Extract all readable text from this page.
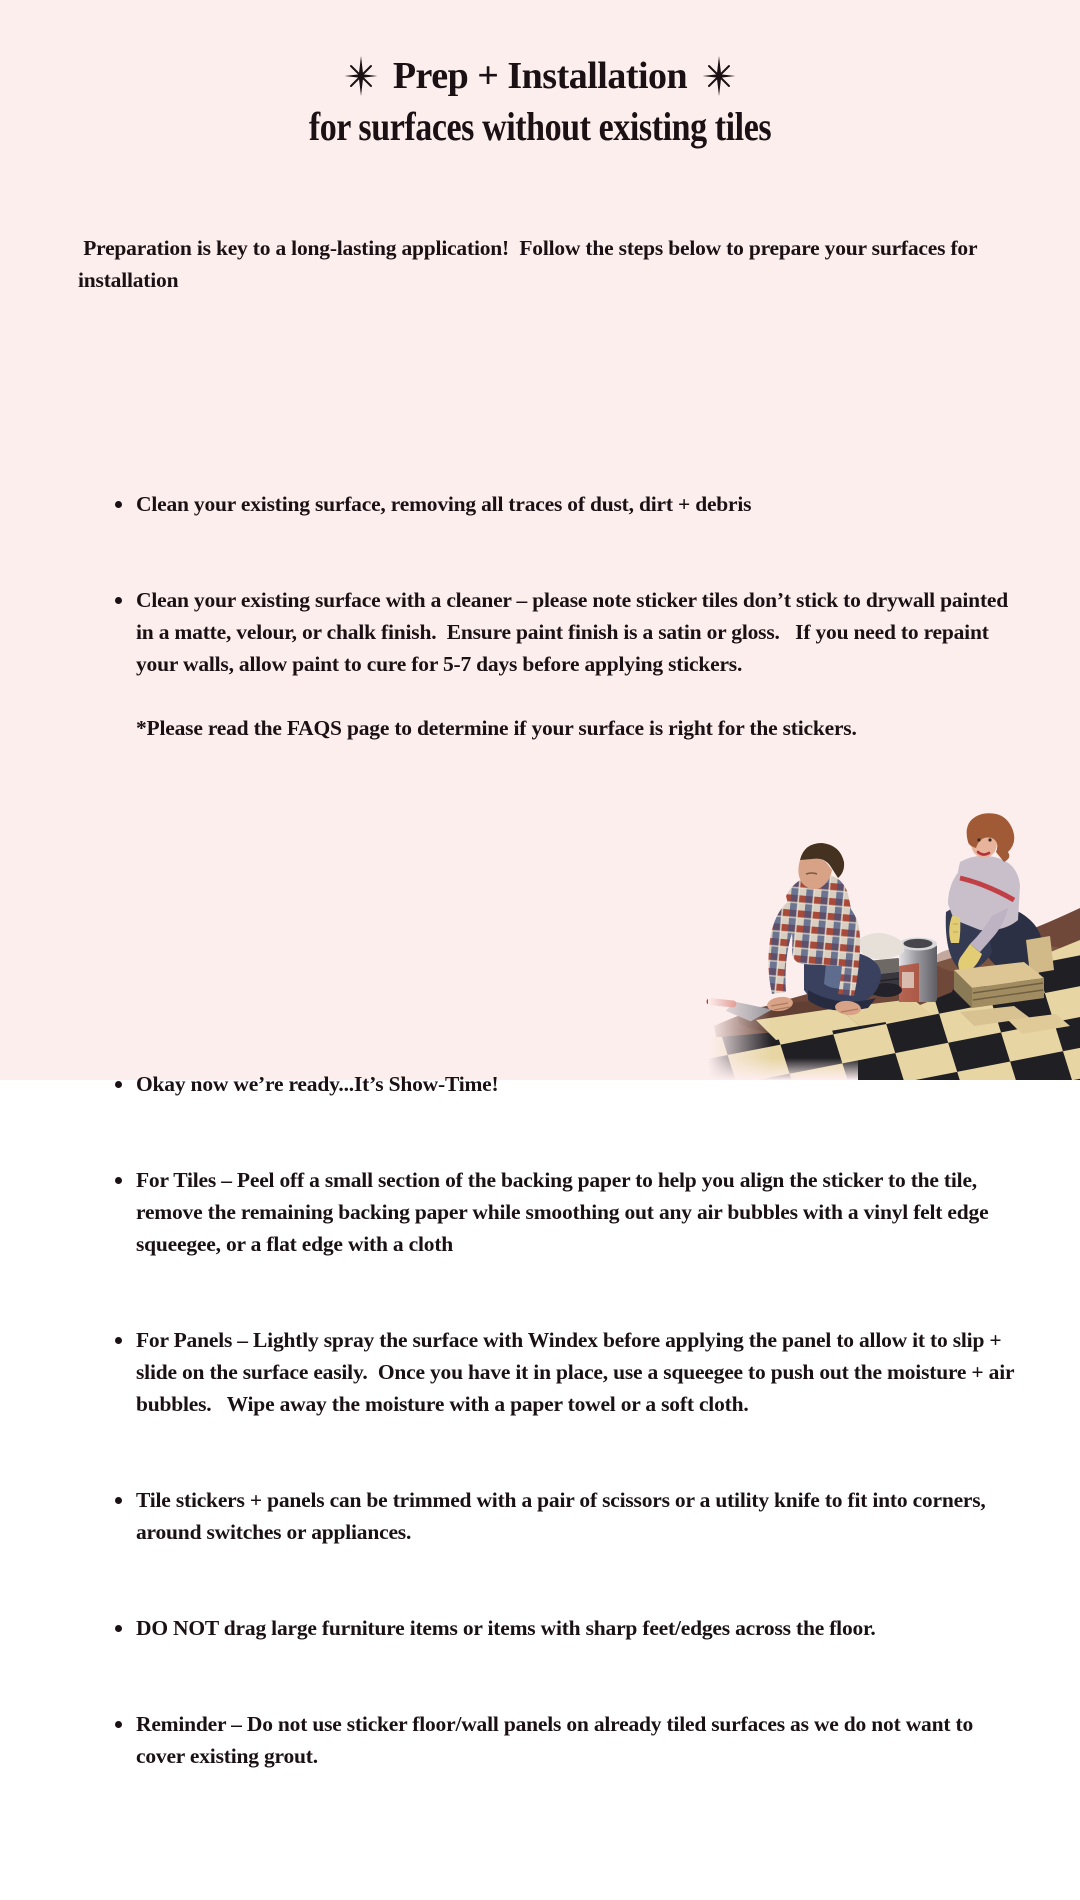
Prep + Installation
for surfaces without existing tiles

Preparation is key to a long-lasting application!  Follow the steps below to prepare your surfaces for installation

Clean your existing surface, removing all traces of dust, dirt + debris

Clean your existing surface with a cleaner – please note sticker tiles don’t stick to drywall painted in a matte, velour, or chalk finish.  Ensure paint finish is a satin or gloss.   If you need to repaint your walls, allow paint to cure for 5-7 days before applying stickers.

*Please read the FAQS page to determine if your surface is right for the stickers.

Okay now we’re ready...It’s Show-Time!

For Tiles – Peel off a small section of the backing paper to help you align the sticker to the tile, remove the remaining backing paper while smoothing out any air bubbles with a vinyl felt edge squeegee, or a flat edge with a cloth

For Panels – Lightly spray the surface with Windex before applying the panel to allow it to slip + slide on the surface easily.  Once you have it in place, use a squeegee to push out the moisture + air bubbles.   Wipe away the moisture with a paper towel or a soft cloth.

Tile stickers + panels can be trimmed with a pair of scissors or a utility knife to fit into corners, around switches or appliances.

DO NOT drag large furniture items or items with sharp feet/edges across the floor.

Reminder – Do not use sticker floor/wall panels on already tiled surfaces as we do not want to cover existing grout.
